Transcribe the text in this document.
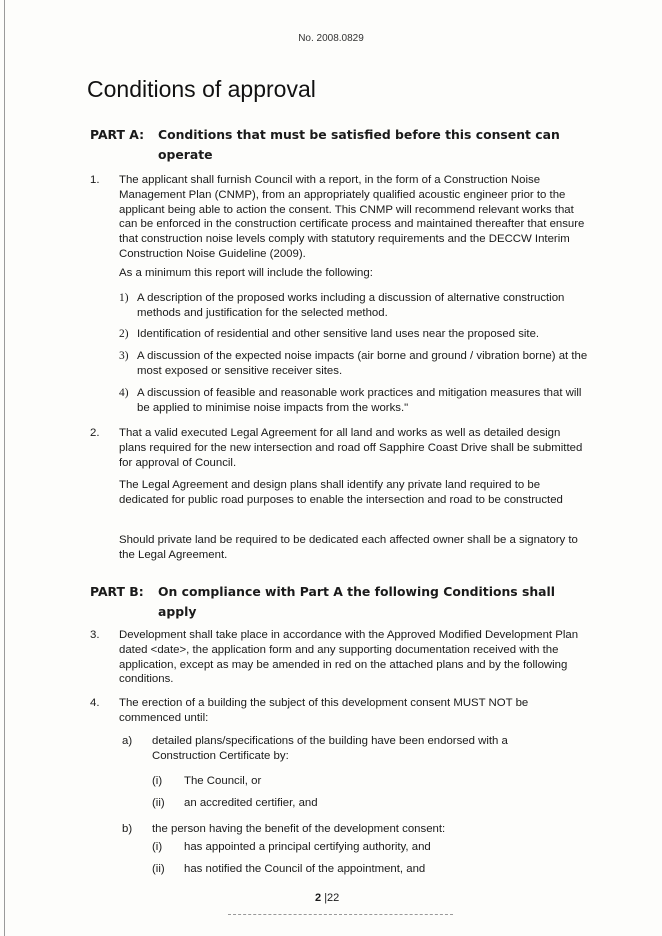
No. 2008.0829
Conditions of approval
PART A: Conditions that must be satisfied before this consent can operate
1. The applicant shall furnish Council with a report, in the form of a Construction Noise Management Plan (CNMP), from an appropriately qualified acoustic engineer prior to the applicant being able to action the consent. This CNMP will recommend relevant works that can be enforced in the construction certificate process and maintained thereafter that ensure that construction noise levels comply with statutory requirements and the DECCW Interim Construction Noise Guideline (2009).
As a minimum this report will include the following:
1) A description of the proposed works including a discussion of alternative construction methods and justification for the selected method.
2) Identification of residential and other sensitive land uses near the proposed site.
3) A discussion of the expected noise impacts (air borne and ground / vibration borne) at the most exposed or sensitive receiver sites.
4) A discussion of feasible and reasonable work practices and mitigation measures that will be applied to minimise noise impacts from the works."
2. That a valid executed Legal Agreement for all land and works as well as detailed design plans required for the new intersection and road off Sapphire Coast Drive shall be submitted for approval of Council.
The Legal Agreement and design plans shall identify any private land required to be dedicated for public road purposes to enable the intersection and road to be constructed
Should private land be required to be dedicated each affected owner shall be a signatory to the Legal Agreement.
PART B: On compliance with Part A the following Conditions shall apply
3. Development shall take place in accordance with the Approved Modified Development Plan dated <date>, the application form and any supporting documentation received with the application, except as may be amended in red on the attached plans and by the following conditions.
4. The erection of a building the subject of this development consent MUST NOT be commenced until:
a) detailed plans/specifications of the building have been endorsed with a Construction Certificate by:
(i) The Council, or
(ii) an accredited certifier, and
b) the person having the benefit of the development consent:
(i) has appointed a principal certifying authority, and
(ii) has notified the Council of the appointment, and
2 |22
